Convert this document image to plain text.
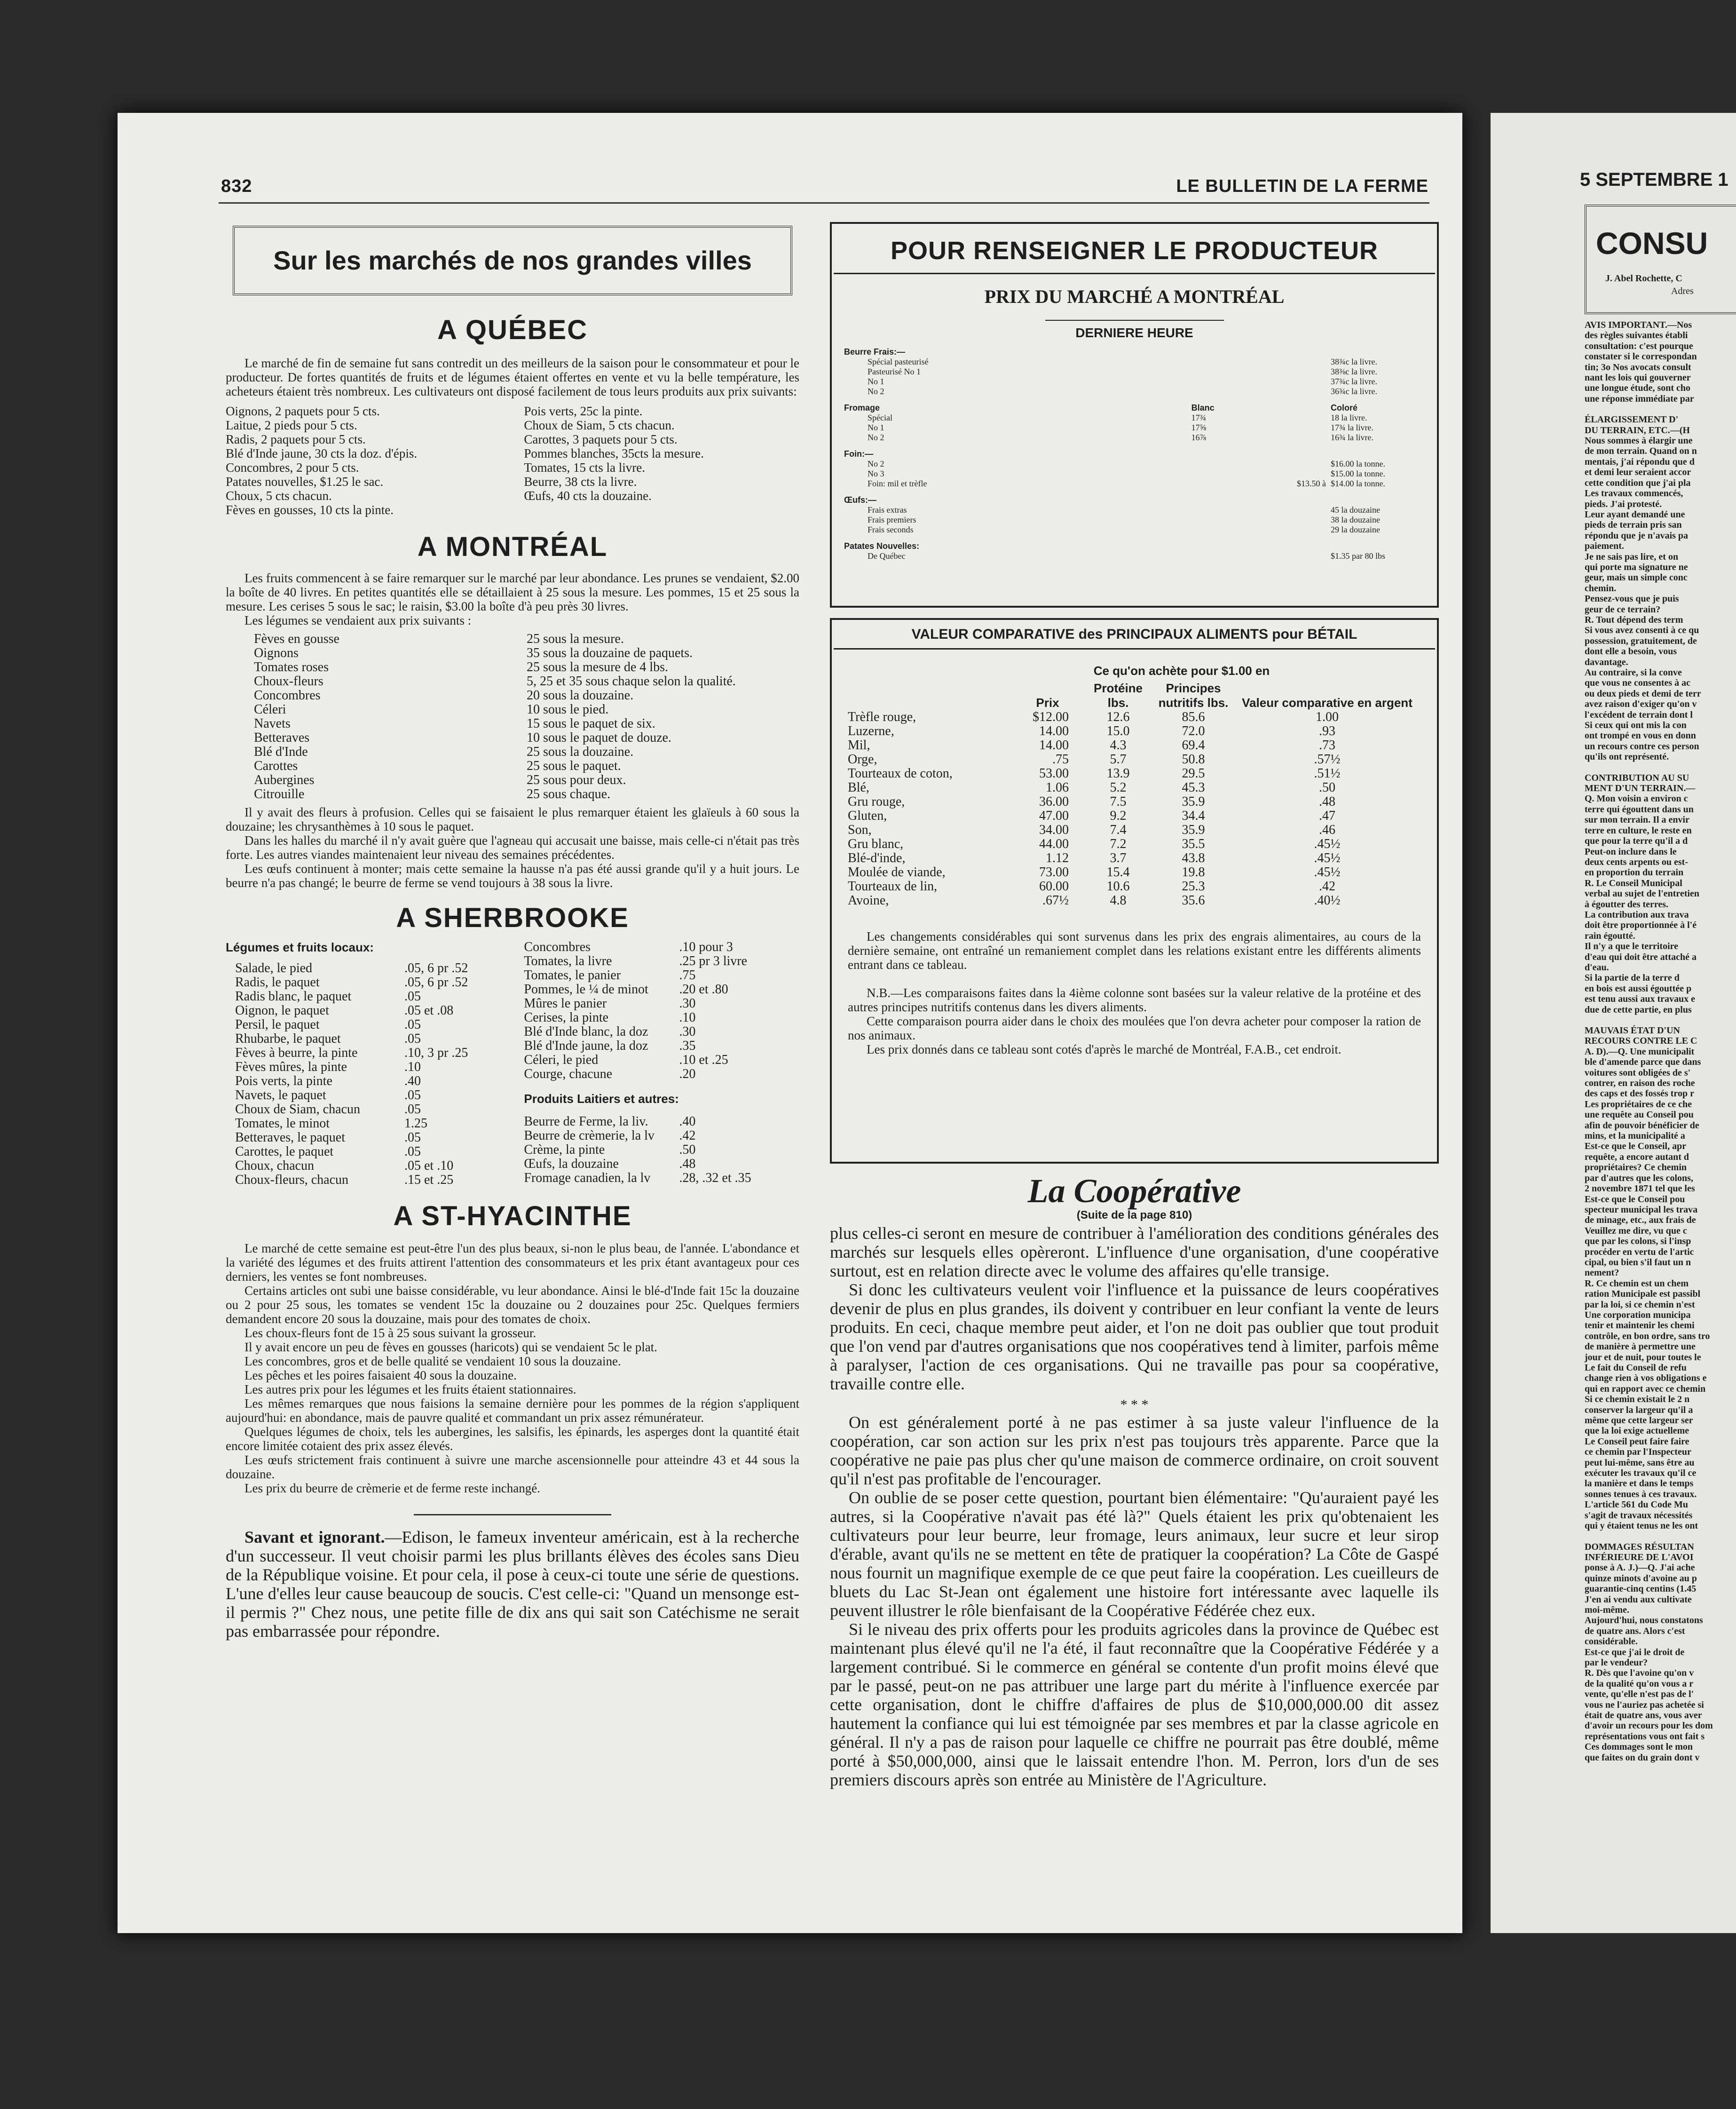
832	LE BULLETIN DE LA FERME
Sur les marchés de nos grandes villes
A QUÉBEC

Le marché de fin de semaine fut sans contredit un des meilleurs de la saison pour le consommateur et pour le producteur. De fortes quantités de fruits et de légumes étaient offertes en vente et vu la belle température, les acheteurs étaient très nombreux. Les cultivateurs ont disposé facilement de tous leurs produits aux prix suivants:

Oignons, 2 paquets pour 5 cts.
Laitue, 2 pieds pour 5 cts.
Radis, 2 paquets pour 5 cts.
Blé d'Inde jaune, 30 cts la doz. d'épis.
Concombres, 2 pour 5 cts.
Patates nouvelles, $1.25 le sac.
Choux, 5 cts chacun.
Fèves en gousses, 10 cts la pinte.
Pois verts, 25c la pinte.
Choux de Siam, 5 cts chacun.
Carottes, 3 paquets pour 5 cts.
Pommes blanches, 35cts la mesure.
Tomates, 15 cts la livre.
Beurre, 38 cts la livre.
Œufs, 40 cts la douzaine.
A MONTRÉAL

Les fruits commencent à se faire remarquer sur le marché par leur abondance. Les prunes se vendaient, $2.00 la boîte de 40 livres. En petites quantités elle se détaillaient à 25 sous la mesure. Les pommes, 15 et 25 sous la mesure. Les cerises 5 sous le sac; le raisin, $3.00 la boîte d'à peu près 30 livres.

Les légumes se vendaient aux prix suivants :

Fèves en gousse	25 sous la mesure.
Oignons	35 sous la douzaine de paquets.
Tomates roses	25 sous la mesure de 4 lbs.
Choux-fleurs	5, 25 et 35 sous chaque selon la qualité.
Concombres	20 sous la douzaine.
Céleri	10 sous le pied.
Navets	15 sous le paquet de six.
Betteraves	10 sous le paquet de douze.
Blé d'Inde	25 sous la douzaine.
Carottes	25 sous le paquet.
Aubergines	25 sous pour deux.
Citrouille	25 sous chaque.

Il y avait des fleurs à profusion. Celles qui se faisaient le plus remarquer étaient les glaïeuls à 60 sous la douzaine; les chrysanthèmes à 10 sous le paquet.

Dans les halles du marché il n'y avait guère que l'agneau qui accusait une baisse, mais celle-ci n'était pas très forte. Les autres viandes maintenaient leur niveau des semaines précédentes.

Les œufs continuent à monter; mais cette semaine la hausse n'a pas été aussi grande qu'il y a huit jours. Le beurre n'a pas changé; le beurre de ferme se vend toujours à 38 sous la livre.

A SHERBROOKE
Légumes et fruits locaux:
Salade, le pied	.05, 6 pr .52
Radis, le paquet	.05, 6 pr .52
Radis blanc, le paquet	.05
Oignon, le paquet	.05 et .08
Persil, le paquet	.05
Rhubarbe, le paquet	.05
Fèves à beurre, la pinte	.10, 3 pr .25
Fèves mûres, la pinte	.10
Pois verts, la pinte	.40
Navets, le paquet	.05
Choux de Siam, chacun	.05
Tomates, le minot	1.25
Betteraves, le paquet	.05
Carottes, le paquet	.05
Choux, chacun	.05 et .10
Choux-fleurs, chacun	.15 et .25
Concombres	.10 pour 3
Tomates, la livre	.25 pr 3 livre
Tomates, le panier	.75
Pommes, le ¼ de minot	.20 et .80
Mûres le panier	.30
Cerises, la pinte	.10
Blé d'Inde blanc, la doz	.30
Blé d'Inde jaune, la doz	.35
Céleri, le pied	.10 et .25
Courge, chacune	.20
Produits Laitiers et autres:
Beurre de Ferme, la liv.	.40
Beurre de crèmerie, la lv	.42
Crème, la pinte	.50
Œufs, la douzaine	.48
Fromage canadien, la lv	.28, .32 et .35
A ST-HYACINTHE

Le marché de cette semaine est peut-être l'un des plus beaux, si-non le plus beau, de l'année. L'abondance et la variété des légumes et des fruits attirent l'attention des consommateurs et les prix étant avantageux pour ces derniers, les ventes se font nombreuses.

Certains articles ont subi une baisse considérable, vu leur abondance. Ainsi le blé-d'Inde fait 15c la douzaine ou 2 pour 25 sous, les tomates se vendent 15c la douzaine ou 2 douzaines pour 25c. Quelques fermiers demandent encore 20 sous la douzaine, mais pour des tomates de choix.

Les choux-fleurs font de 15 à 25 sous suivant la grosseur.

Il y avait encore un peu de fèves en gousses (haricots) qui se vendaient 5c le plat.

Les concombres, gros et de belle qualité se vendaient 10 sous la douzaine.

Les pêches et les poires faisaient 40 sous la douzaine.

Les autres prix pour les légumes et les fruits étaient stationnaires.

Les mêmes remarques que nous faisions la semaine dernière pour les pommes de la région s'appliquent aujourd'hui: en abondance, mais de pauvre qualité et commandant un prix assez rémunérateur.

Quelques légumes de choix, tels les aubergines, les salsifis, les épinards, les asperges dont la quantité était encore limitée cotaient des prix assez élevés.

Les œufs strictement frais continuent à suivre une marche ascensionnelle pour atteindre 43 et 44 sous la douzaine.

Les prix du beurre de crèmerie et de ferme reste inchangé.

Savant et ignorant.—Edison, le fameux inventeur américain, est à la recherche d'un successeur. Il veut choisir parmi les plus brillants élèves des écoles sans Dieu de la République voisine. Et pour cela, il pose à ceux-ci toute une série de questions. L'une d'elles leur cause beaucoup de soucis. C'est celle-ci: "Quand un mensonge est-il permis ?" Chez nous, une petite fille de dix ans qui sait son Catéchisme ne serait pas embarrassée pour répondre.

POUR RENSEIGNER LE PRODUCTEUR
PRIX DU MARCHÉ A MONTRÉAL
DERNIERE HEURE
Beurre Frais:—		
Spécial pasteurisé		38¾c la livre.
Pasteurisé No 1		38⅜c la livre.
No 1		37¾c la livre.
No 2		36¾c la livre.

Fromage	Blanc	Coloré
Spécial	17¾	18 la livre.
No 1	17⅝	17¾ la livre.
No 2	16⅞	16¾ la livre.

Foin:—		
No 2		$16.00 la tonne.
No 3		$15.00 la tonne.
Foin: mil et trèfle	$13.50 à	$14.00 la tonne.

Œufs:—		
Frais extras		45 la douzaine
Frais premiers		38 la douzaine
Frais seconds		29 la douzaine

Patates Nouvelles:		
De Québec		$1.35 par 80 lbs
VALEUR COMPARATIVE des PRINCIPAUX ALIMENTS pour BÉTAIL
Ce qu'on achète pour $1.00 en
	Prix	Protéine lbs.	Principes nutritifs lbs.	Valeur comparative en argent
Trèfle rouge,	$12.00	12.6	85.6	1.00
Luzerne,	14.00	15.0	72.0	.93
Mil,	14.00	4.3	69.4	.73
Orge,	.75	5.7	50.8	.57½
Tourteaux de coton,	53.00	13.9	29.5	.51½
Blé,	1.06	5.2	45.3	.50
Gru rouge,	36.00	7.5	35.9	.48
Gluten,	47.00	9.2	34.4	.47
Son,	34.00	7.4	35.9	.46
Gru blanc,	44.00	7.2	35.5	.45½
Blé-d'inde,	1.12	3.7	43.8	.45½
Moulée de viande,	73.00	15.4	19.8	.45½
Tourteaux de lin,	60.00	10.6	25.3	.42
Avoine,	.67½	4.8	35.6	.40½

Les changements considérables qui sont survenus dans les prix des engrais alimentaires, au cours de la dernière semaine, ont entraîné un remaniement complet dans les relations existant entre les différents aliments entrant dans ce tableau.

N.B.—Les comparaisons faites dans la 4ième colonne sont basées sur la valeur relative de la protéine et des autres principes nutritifs contenus dans les divers aliments.

Cette comparaison pourra aider dans le choix des moulées que l'on devra acheter pour composer la ration de nos animaux.

Les prix donnés dans ce tableau sont cotés d'après le marché de Montréal, F.A.B., cet endroit.

La Coopérative
(Suite de la page 810)

plus celles-ci seront en mesure de contribuer à l'amélioration des conditions générales des marchés sur lesquels elles opèreront. L'influence d'une organisation, d'une coopérative surtout, est en relation directe avec le volume des affaires qu'elle transige.

Si donc les cultivateurs veulent voir l'influence et la puissance de leurs coopératives devenir de plus en plus grandes, ils doivent y contribuer en leur confiant la vente de leurs produits. En ceci, chaque membre peut aider, et l'on ne doit pas oublier que tout produit que l'on vend par d'autres organisations que nos coopératives tend à limiter, parfois même à paralyser, l'action de ces organisations. Qui ne travaille pas pour sa coopérative, travaille contre elle.

* * *

On est généralement porté à ne pas estimer à sa juste valeur l'influence de la coopération, car son action sur les prix n'est pas toujours très apparente. Parce que la coopérative ne paie pas plus cher qu'une maison de commerce ordinaire, on croit souvent qu'il n'est pas profitable de l'encourager.

On oublie de se poser cette question, pourtant bien élémentaire: "Qu'auraient payé les autres, si la Coopérative n'avait pas été là?" Quels étaient les prix qu'obtenaient les cultivateurs pour leur beurre, leur fromage, leurs animaux, leur sucre et leur sirop d'érable, avant qu'ils ne se mettent en tête de pratiquer la coopération? La Côte de Gaspé nous fournit un magnifique exemple de ce que peut faire la coopération. Les cueilleurs de bluets du Lac St-Jean ont également une histoire fort intéressante avec laquelle ils peuvent illustrer le rôle bienfaisant de la Coopérative Fédérée chez eux.

Si le niveau des prix offerts pour les produits agricoles dans la province de Québec est maintenant plus élevé qu'il ne l'a été, il faut reconnaître que la Coopérative Fédérée y a largement contribué. Si le commerce en général se contente d'un profit moins élevé que par le passé, peut-on ne pas attribuer une large part du mérite à l'influence exercée par cette organisation, dont le chiffre d'affaires de plus de $10,000,000.00 dit assez hautement la confiance qui lui est témoignée par ses membres et par la classe agricole en général. Il n'y a pas de raison pour laquelle ce chiffre ne pourrait pas être doublé, même porté à $50,000,000, ainsi que le laissait entendre l'hon. M. Perron, lors d'un de ses premiers discours après son entrée au Ministère de l'Agriculture.

5 SEPTEMBRE 1
CONSU
J. Abel Rochette, C
Adres
AVIS IMPORTANT.—Nos
des règles suivantes établi
consultation: c'est pourque
constater si le correspondan
tin; 3o Nos avocats consult
nant les lois qui gouverner
une longue étude, sont cho
une réponse immédiate par
ÉLARGISSEMENT D'
DU TERRAIN, ETC.—(H
Nous sommes à élargir une
de mon terrain. Quand on n
mentais, j'ai répondu que d
et demi leur seraient accor
cette condition que j'ai pla
Les travaux commencés,
pieds. J'ai protesté.
Leur ayant demandé une
pieds de terrain pris san
répondu que je n'avais pa
paiement.
Je ne sais pas lire, et on
qui porte ma signature ne
geur, mais un simple conc
chemin.
Pensez-vous que je puis
geur de ce terrain?
R. Tout dépend des term
Si vous avez consenti à ce qu
possession, gratuitement, de
dont elle a besoin, vous
davantage.
Au contraire, si la conve
que vous ne consentes à ac
ou deux pieds et demi de terr
avez raison d'exiger qu'on v
l'excédent de terrain dont l
Si ceux qui ont mis la con
ont trompé en vous en donn
un recours contre ces person
qu'ils ont représenté.
CONTRIBUTION AU SU
MENT D'UN TERRAIN.—
Q. Mon voisin a environ c
terre qui égouttent dans un
sur mon terrain. Il a envir
terre en culture, le reste en
que pour la terre qu'il a d
Peut-on inclure dans le
deux cents arpents ou est-
en proportion du terrain
R. Le Conseil Municipal
verbal au sujet de l'entretien
à égoutter des terres.
La contribution aux trava
doit être proportionnée à l'é
rain égoutté.
Il n'y a que le territoire
d'eau qui doit être attaché a
d'eau.
Si la partie de la terre d
en bois est aussi égouttée p
est tenu aussi aux travaux e
due de cette partie, en plus
MAUVAIS ÉTAT D'UN
RECOURS CONTRE LE C
A. D).—Q. Une municipalit
ble d'amende parce que dans
voitures sont obligées de s'
contrer, en raison des roche
des caps et des fossés trop r
Les propriétaires de ce che
une requête au Conseil pou
afin de pouvoir bénéficier de
mins, et la municipalité a
Est-ce que le Conseil, apr
requête, a encore autant d
propriétaires? Ce chemin
par d'autres que les colons,
2 novembre 1871 tel que les
Est-ce que le Conseil pou
specteur municipal les trava
de minage, etc., aux frais de
Veuillez me dire, vu que c
que par les colons, si l'insp
procéder en vertu de l'artic
cipal, ou bien s'il faut un n
nement?
R. Ce chemin est un chem
ration Municipale est passibl
par la loi, si ce chemin n'est
Une corporation municipa
tenir et maintenir les chemi
contrôle, en bon ordre, sans tro
de manière à permettre une
jour et de nuit, pour toutes le
Le fait du Conseil de refu
change rien à vos obligations e
qui en rapport avec ce chemin
Si ce chemin existait le 2 n
conserver la largeur qu'il a
même que cette largeur ser
que la loi exige actuelleme
Le Conseil peut faire faire
ce chemin par l'Inspecteur
peut lui-même, sans être au
exécuter les travaux qu'il ce
la manière et dans le temps
sonnes tenues à ces travaux.
L'article 561 du Code Mu
s'agit de travaux nécessités
qui y étaient tenus ne les ont
DOMMAGES RÉSULTAN
INFÉRIEURE DE L'AVOI
ponse à A. J.)—Q. J'ai ache
quinze minots d'avoine au p
guarantie-cinq centins (1.45
J'en ai vendu aux cultivate
moi-même.
Aujourd'hui, nous constatons
de quatre ans. Alors c'est
considérable.
Est-ce que j'ai le droit de
par le vendeur?
R. Dès que l'avoine qu'on v
de la qualité qu'on vous a r
vente, qu'elle n'est pas de l'
vous ne l'auriez pas achetée si
était de quatre ans, vous aver
d'avoir un recours pour les dom
représentations vous ont fait s
Ces dommages sont le mon
que faites on du grain dont v
